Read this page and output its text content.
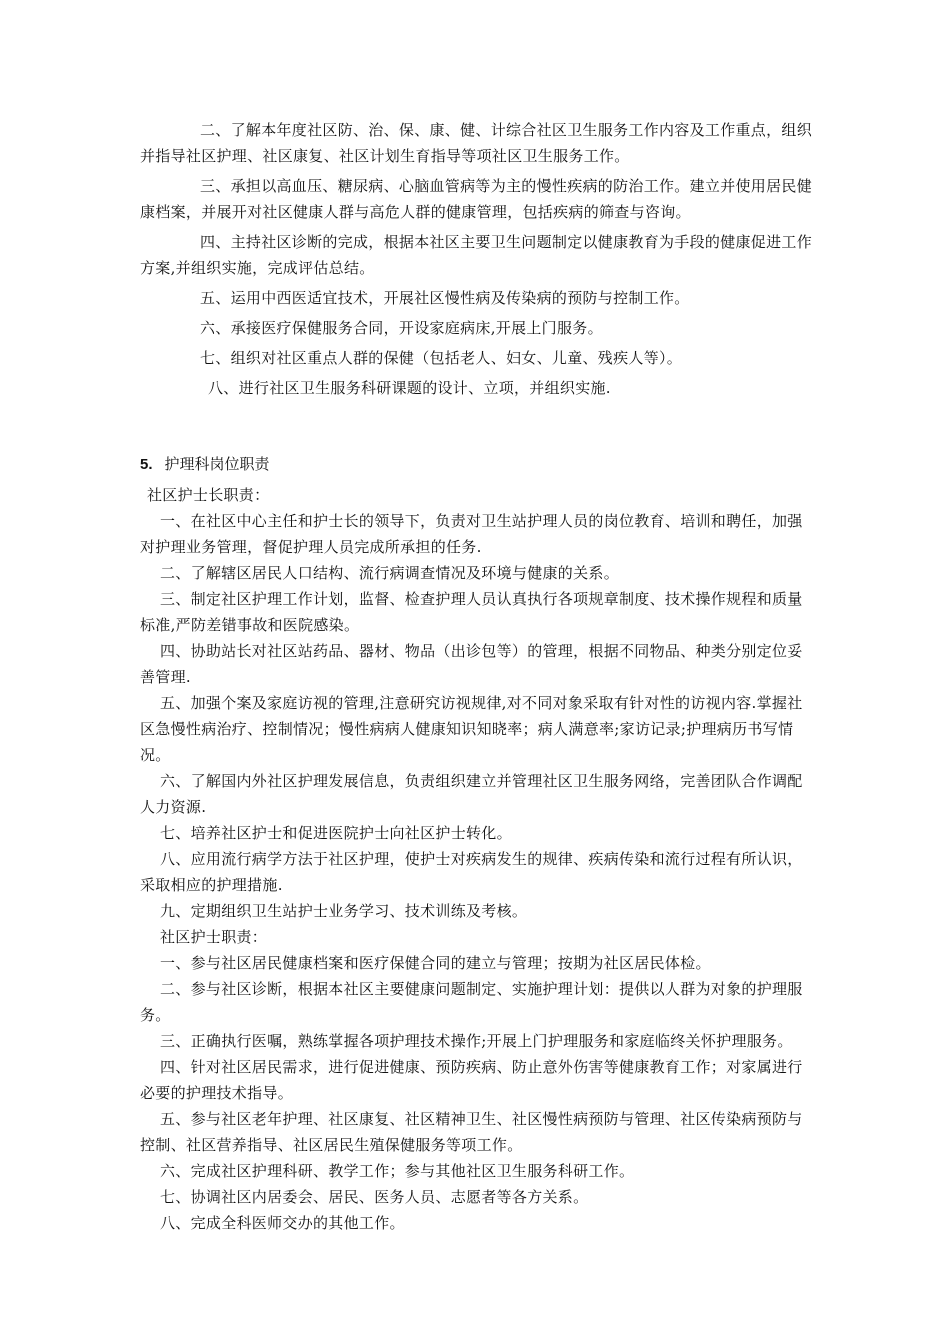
二、了解本年度社区防、治、保、康、健、计综合社区卫生服务工作内容及工作重点，组织并指导社区护理、社区康复、社区计划生育指导等项社区卫生服务工作。

三、承担以高血压、糖尿病、心脑血管病等为主的慢性疾病的防治工作。建立并使用居民健康档案，并展开对社区健康人群与高危人群的健康管理，包括疾病的筛查与咨询。

四、主持社区诊断的完成，根据本社区主要卫生问题制定以健康教育为手段的健康促进工作方案,并组织实施，完成评估总结。

五、运用中西医适宜技术，开展社区慢性病及传染病的预防与控制工作。

六、承接医疗保健服务合同，开设家庭病床,开展上门服务。

七、组织对社区重点人群的保健（包括老人、妇女、儿童、残疾人等）。

八、进行社区卫生服务科研课题的设计、立项，并组织实施.

5. 护理科岗位职责

社区护士长职责：

一、在社区中心主任和护士长的领导下，负责对卫生站护理人员的岗位教育、培训和聘任，加强对护理业务管理，督促护理人员完成所承担的任务.

二、了解辖区居民人口结构、流行病调查情况及环境与健康的关系。

三、制定社区护理工作计划，监督、检查护理人员认真执行各项规章制度、技术操作规程和质量标准,严防差错事故和医院感染。

四、协助站长对社区站药品、器材、物品（出诊包等）的管理，根据不同物品、种类分别定位妥善管理.

五、加强个案及家庭访视的管理,注意研究访视规律,对不同对象采取有针对性的访视内容.掌握社区急慢性病治疗、控制情况；慢性病病人健康知识知晓率；病人满意率;家访记录;护理病历书写情况。

六、了解国内外社区护理发展信息，负责组织建立并管理社区卫生服务网络，完善团队合作调配人力资源.

七、培养社区护士和促进医院护士向社区护士转化。

八、应用流行病学方法于社区护理，使护士对疾病发生的规律、疾病传染和流行过程有所认识，采取相应的护理措施.

九、定期组织卫生站护士业务学习、技术训练及考核。

社区护士职责：

一、参与社区居民健康档案和医疗保健合同的建立与管理；按期为社区居民体检。

二、参与社区诊断，根据本社区主要健康问题制定、实施护理计划：提供以人群为对象的护理服务。

三、正确执行医嘱，熟练掌握各项护理技术操作;开展上门护理服务和家庭临终关怀护理服务。

四、针对社区居民需求，进行促进健康、预防疾病、防止意外伤害等健康教育工作；对家属进行必要的护理技术指导。

五、参与社区老年护理、社区康复、社区精神卫生、社区慢性病预防与管理、社区传染病预防与控制、社区营养指导、社区居民生殖保健服务等项工作。

六、完成社区护理科研、教学工作；参与其他社区卫生服务科研工作。

七、协调社区内居委会、居民、医务人员、志愿者等各方关系。

八、完成全科医师交办的其他工作。
